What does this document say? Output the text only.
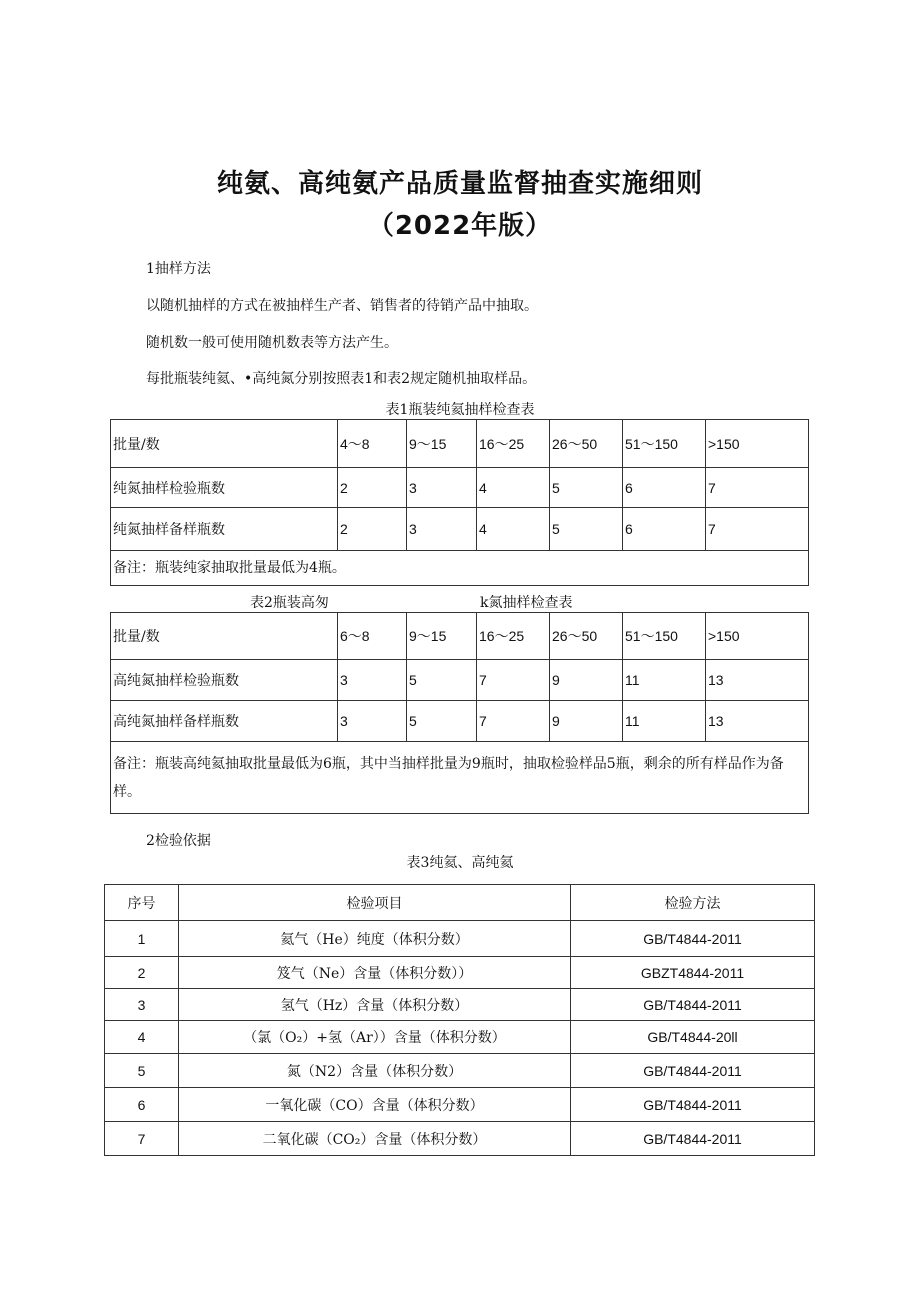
纯氨、高纯氨产品质量监督抽查实施细则
（2022年版）
1抽样方法
以随机抽样的方式在被抽样生产者、销售者的待销产品中抽取。
随机数一般可使用随机数表等方法产生。
每批瓶装纯氦、•高纯氮分别按照表1和表2规定随机抽取样品。
表1瓶装纯氦抽样检查表
批量/数	4～8	9～15	16～25	26～50	51～150	>150
纯氮抽样检验瓶数	2	3	4	5	6	7
纯氮抽样备样瓶数	2	3	4	5	6	7
备注：瓶装纯家抽取批量最低为4瓶。						
表2瓶装高匆	k氮抽样检查表
批量/数	6～8	9～15	16～25	26～50	51～150	>150
高纯氮抽样检验瓶数	3	5	7	9	11	13
高纯氮抽样备样瓶数	3	5	7	9	11	13
备注：瓶装高纯氦抽取批量最低为6瓶，其中当抽样批量为9瓶时，抽取检验样品5瓶，剩余的所有样品作为备样。						
2检验依据
表3纯氦、高纯氦
序号	检验项目	检验方法
1	氦气（He）纯度（体积分数）	GB/T4844-2011
2	笈气（Ne）含量（体积分数））	GBZT4844-2011
3	氢气（Hz）含量（体积分数）	GB/T4844-2011
4	（氯（O₂）+氢（Ar））含量（体积分数）	GB/T4844-20ll
5	氮（N2）含量（体积分数）	GB/T4844-2011
6	一氧化碳（CO）含量（体积分数）	GB/T4844-2011
7	二氧化碳（CO₂）含量（体积分数）	GB/T4844-2011
